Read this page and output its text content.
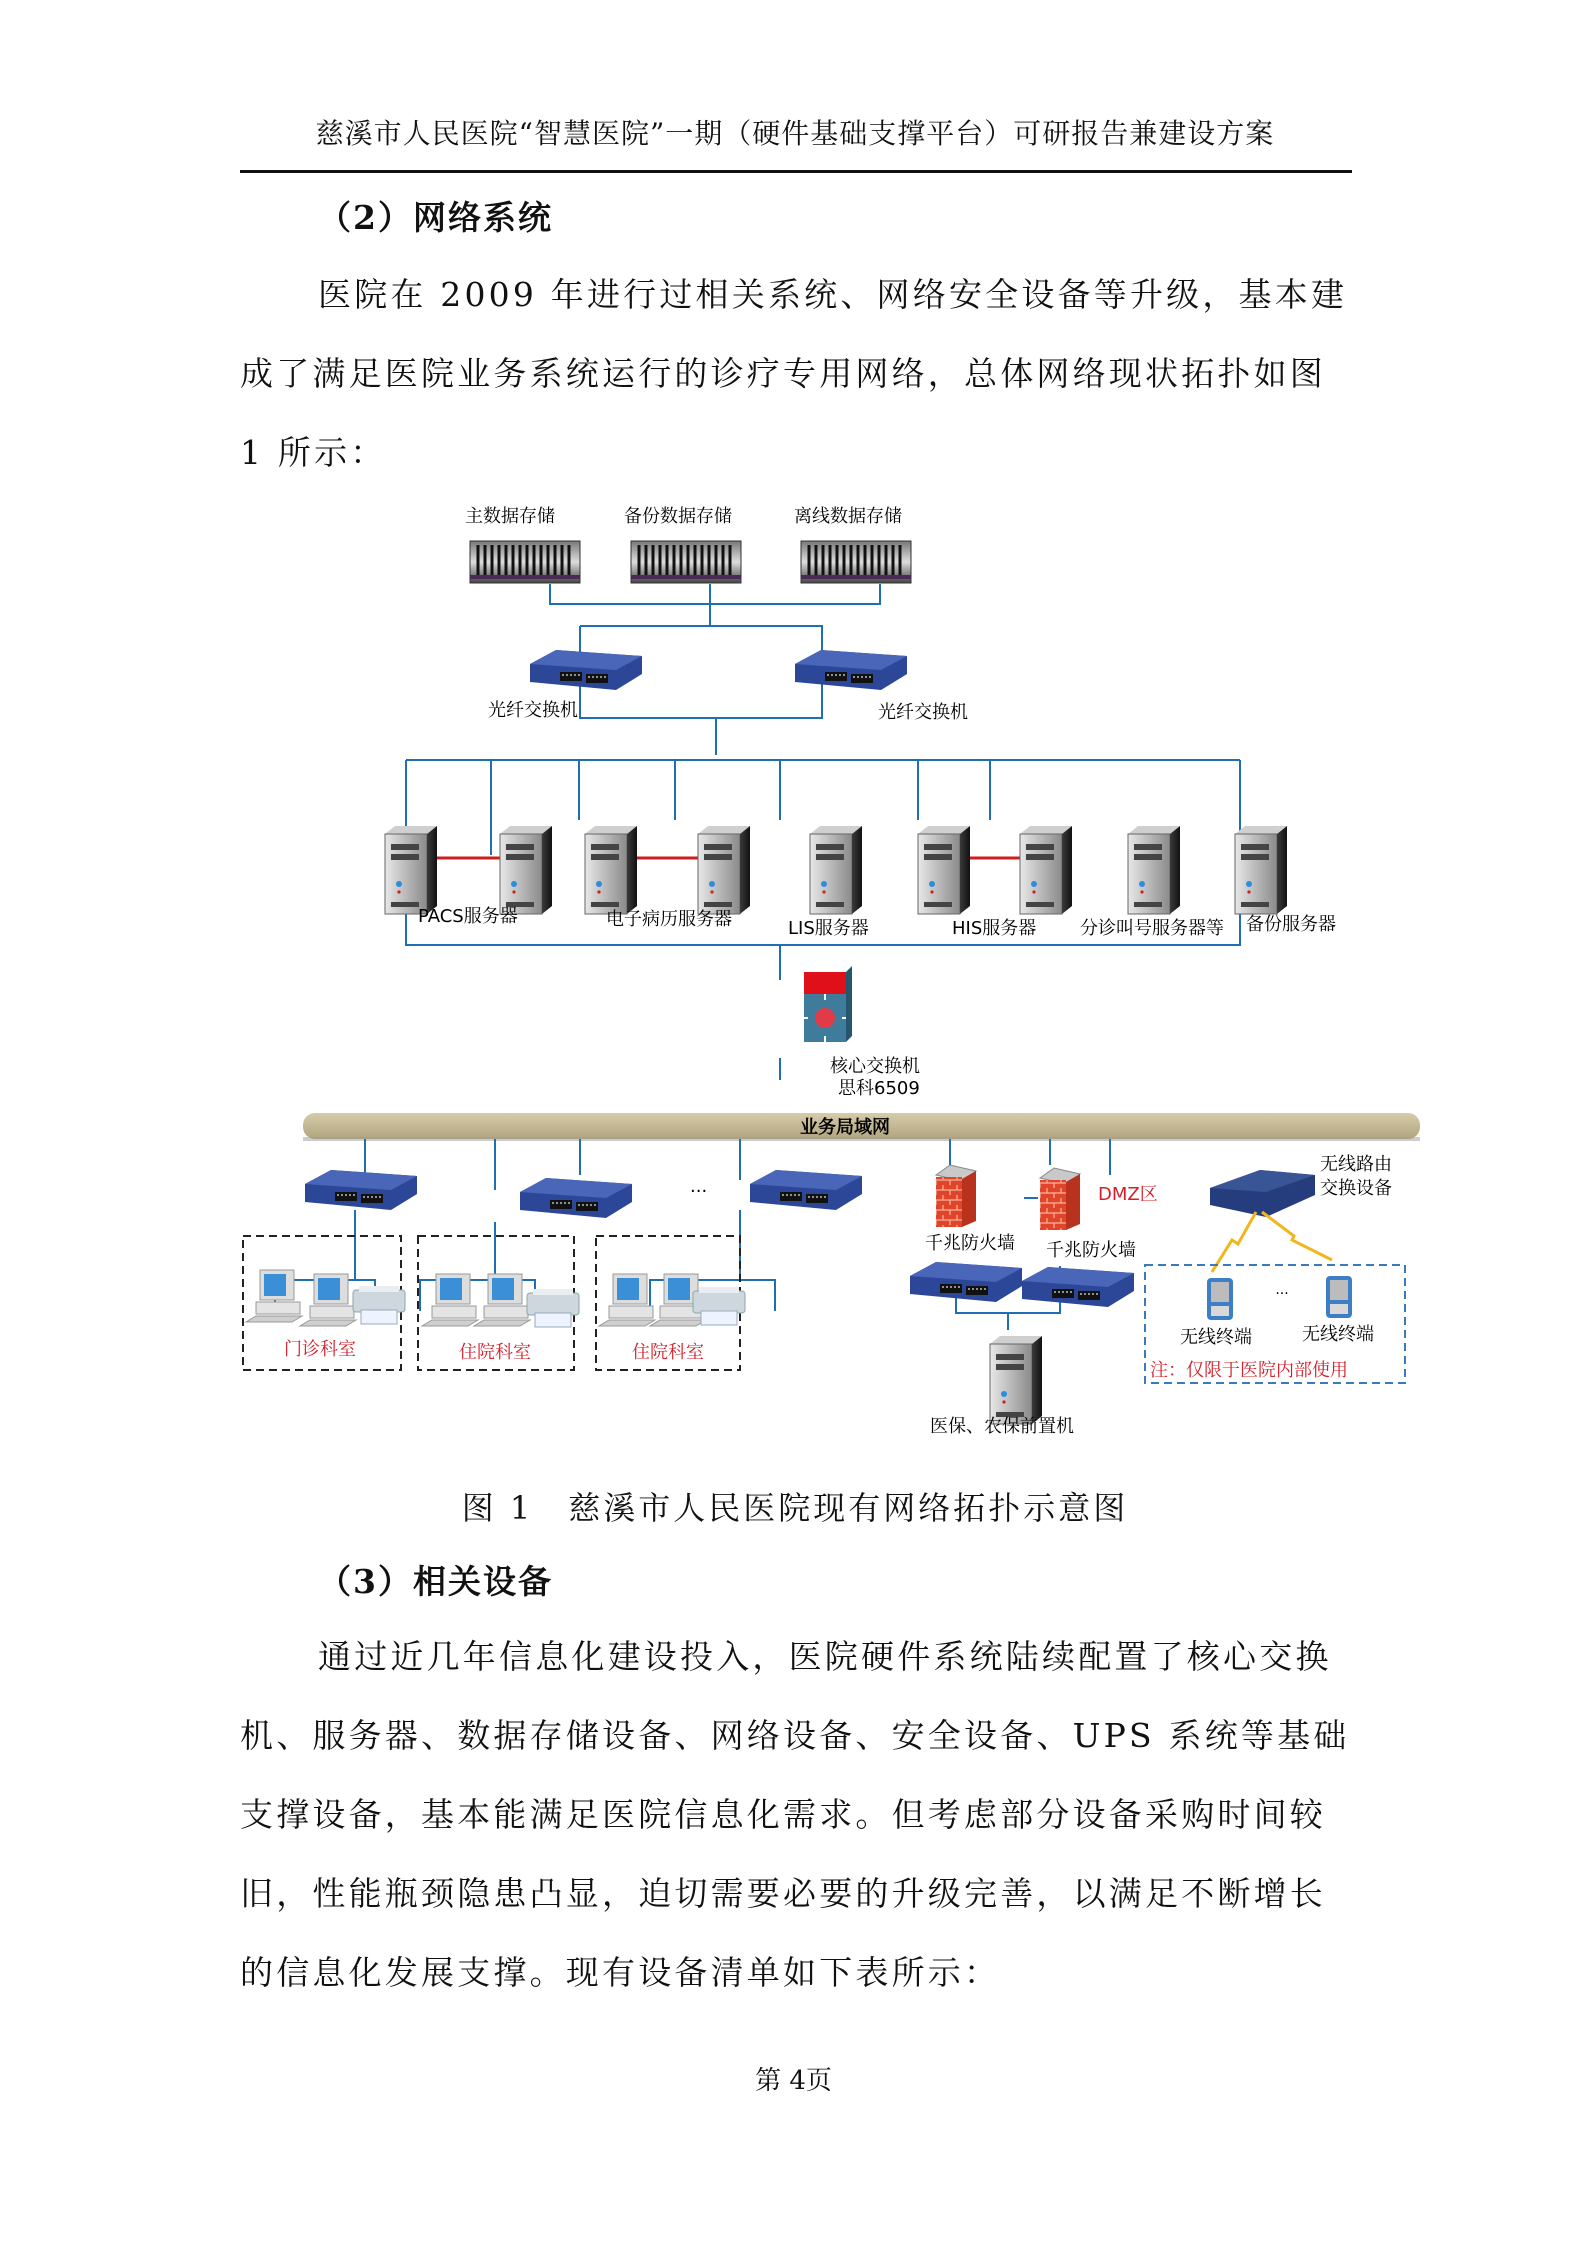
慈溪市人民医院“智慧医院”一期（硬件基础支撑平台）可研报告兼建设方案
（2）网络系统
医院在 2009 年进行过相关系统、网络安全设备等升级，基本建
成了满足医院业务系统运行的诊疗专用网络，总体网络现状拓扑如图
1 所示：
主数据存储	备份数据存储	离线数据存储
光纤交换机	光纤交换机
PACS服务器	电子病历服务器	LIS服务器	HIS服务器 分诊叫号服务器等 备份服务器
核心交换机
思科6509
业务局域网
...
门诊科室	住院科室	住院科室
DMZ区
千兆防火墙 千兆防火墙
医保、农保前置机
无线路由
交换设备
...
无线终端	无线终端
注：仅限于医院内部使用
图 1　慈溪市人民医院现有网络拓扑示意图
（3）相关设备
通过近几年信息化建设投入，医院硬件系统陆续配置了核心交换
机、服务器、数据存储设备、网络设备、安全设备、UPS 系统等基础
支撑设备，基本能满足医院信息化需求。但考虑部分设备采购时间较
旧，性能瓶颈隐患凸显，迫切需要必要的升级完善，以满足不断增长
的信息化发展支撑。现有设备清单如下表所示：
第 4页
